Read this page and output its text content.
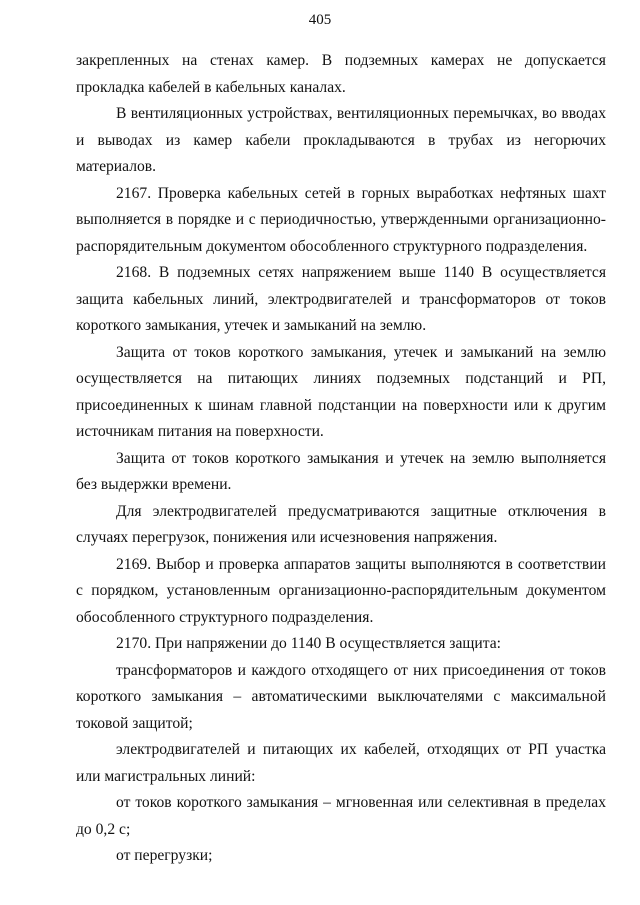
405

закрепленных на стенах камер. В подземных камерах не допускается прокладка кабелей в кабельных каналах.

В вентиляционных устройствах, вентиляционных перемычках, во вводах и выводах из камер кабели прокладываются в трубах из негорючих материалов.

2167. Проверка кабельных сетей в горных выработках нефтяных шахт выполняется в порядке и с периодичностью, утвержденными организационно-распорядительным документом обособленного структурного подразделения.

2168. В подземных сетях напряжением выше 1140 В осуществляется защита кабельных линий, электродвигателей и трансформаторов от токов короткого замыкания, утечек и замыканий на землю.

Защита от токов короткого замыкания, утечек и замыканий на землю осуществляется на питающих линиях подземных подстанций и РП, присоединенных к шинам главной подстанции на поверхности или к другим источникам питания на поверхности.

Защита от токов короткого замыкания и утечек на землю выполняется без выдержки времени.

Для электродвигателей предусматриваются защитные отключения в случаях перегрузок, понижения или исчезновения напряжения.

2169. Выбор и проверка аппаратов защиты выполняются в соответствии с порядком, установленным организационно-распорядительным документом обособленного структурного подразделения.

2170. При напряжении до 1140 В осуществляется защита:

трансформаторов и каждого отходящего от них присоединения от токов короткого замыкания – автоматическими выключателями с максимальной токовой защитой;

электродвигателей и питающих их кабелей, отходящих от РП участка или магистральных линий:

от токов короткого замыкания – мгновенная или селективная в пределах до 0,2 с;

от перегрузки;
